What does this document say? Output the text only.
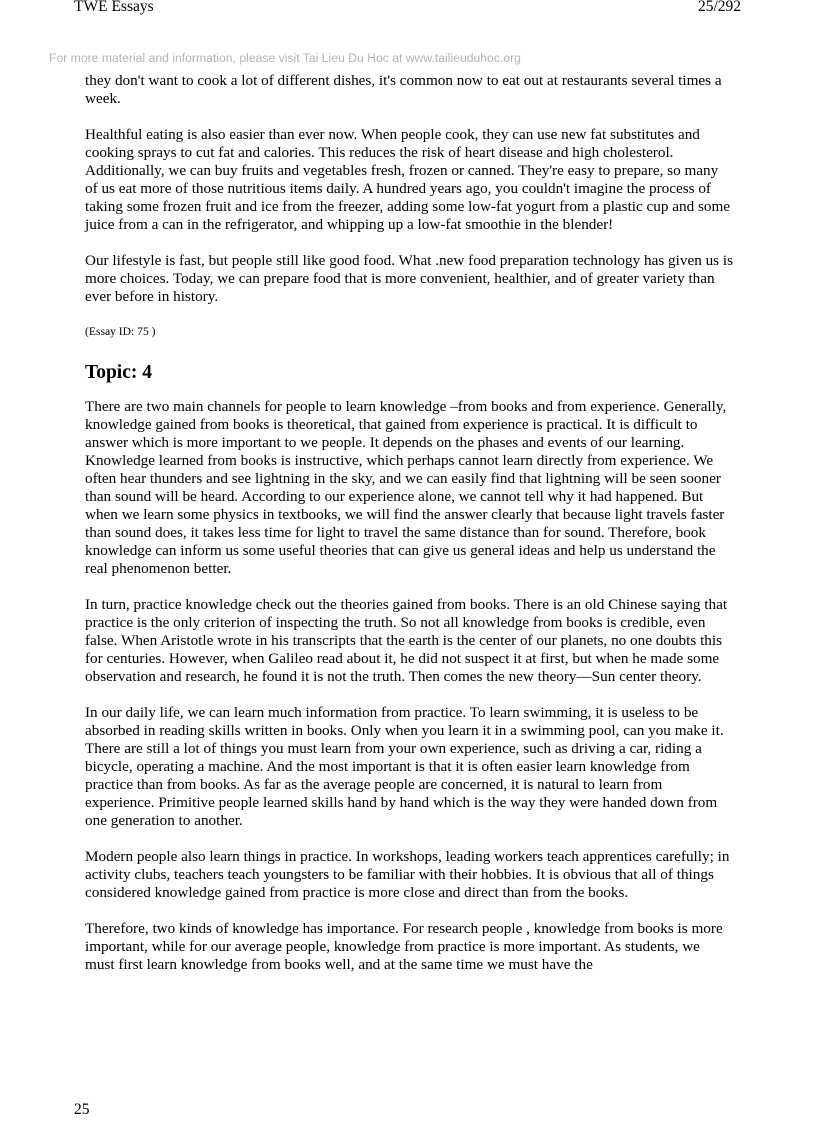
TWE Essays	25/292
For more material and information, please visit Tai Lieu Du Hoc at www.tailieuduhoc.org

they don't want to cook a lot of different dishes, it's common now to eat out at restaurants several times a week.

Healthful eating is also easier than ever now. When people cook, they can use new fat substitutes and cooking sprays to cut fat and calories. This reduces the risk of heart disease and high cholesterol. Additionally, we can buy fruits and vegetables fresh, frozen or canned. They're easy to prepare, so many of us eat more of those nutritious items daily. A hundred years ago, you couldn't imagine the process of taking some frozen fruit and ice from the freezer, adding some low-fat yogurt from a plastic cup and some juice from a can in the refrigerator, and whipping up a low-fat smoothie in the blender!

Our lifestyle is fast, but people still like good food. What .new food preparation technology has given us is more choices. Today, we can prepare food that is more convenient, healthier, and of greater variety than ever before in history.

(Essay ID: 75 )

Topic: 4

There are two main channels for people to learn knowledge –from books and from experience. Generally, knowledge gained from books is theoretical, that gained from experience is practical. It is difficult to answer which is more important to we people. It depends on the phases and events of our learning. Knowledge learned from books is instructive, which perhaps cannot learn directly from experience. We often hear thunders and see lightning in the sky, and we can easily find that lightning will be seen sooner than sound will be heard. According to our experience alone, we cannot tell why it had happened. But when we learn some physics in textbooks, we will find the answer clearly that because light travels faster than sound does, it takes less time for light to travel the same distance than for sound. Therefore, book knowledge can inform us some useful theories that can give us general ideas and help us understand the real phenomenon better.

In turn, practice knowledge check out the theories gained from books. There is an old Chinese saying that practice is the only criterion of inspecting the truth. So not all knowledge from books is credible, even false. When Aristotle wrote in his transcripts that the earth is the center of our planets, no one doubts this for centuries. However, when Galileo read about it, he did not suspect it at first, but when he made some observation and research, he found it is not the truth. Then comes the new theory—Sun center theory.

In our daily life, we can learn much information from practice. To learn swimming, it is useless to be absorbed in reading skills written in books. Only when you learn it in a swimming pool, can you make it. There are still a lot of things you must learn from your own experience, such as driving a car, riding a bicycle, operating a machine. And the most important is that it is often easier learn knowledge from practice than from books. As far as the average people are concerned, it is natural to learn from experience. Primitive people learned skills hand by hand which is the way they were handed down from one generation to another.

Modern people also learn things in practice. In workshops, leading workers teach apprentices carefully; in activity clubs, teachers teach youngsters to be familiar with their hobbies. It is obvious that all of things considered knowledge gained from practice is more close and direct than from the books.

Therefore, two kinds of knowledge has importance. For research people , knowledge from books is more important, while for our average people, knowledge from practice is more important. As students, we must first learn knowledge from books well, and at the same time we must have the

25
